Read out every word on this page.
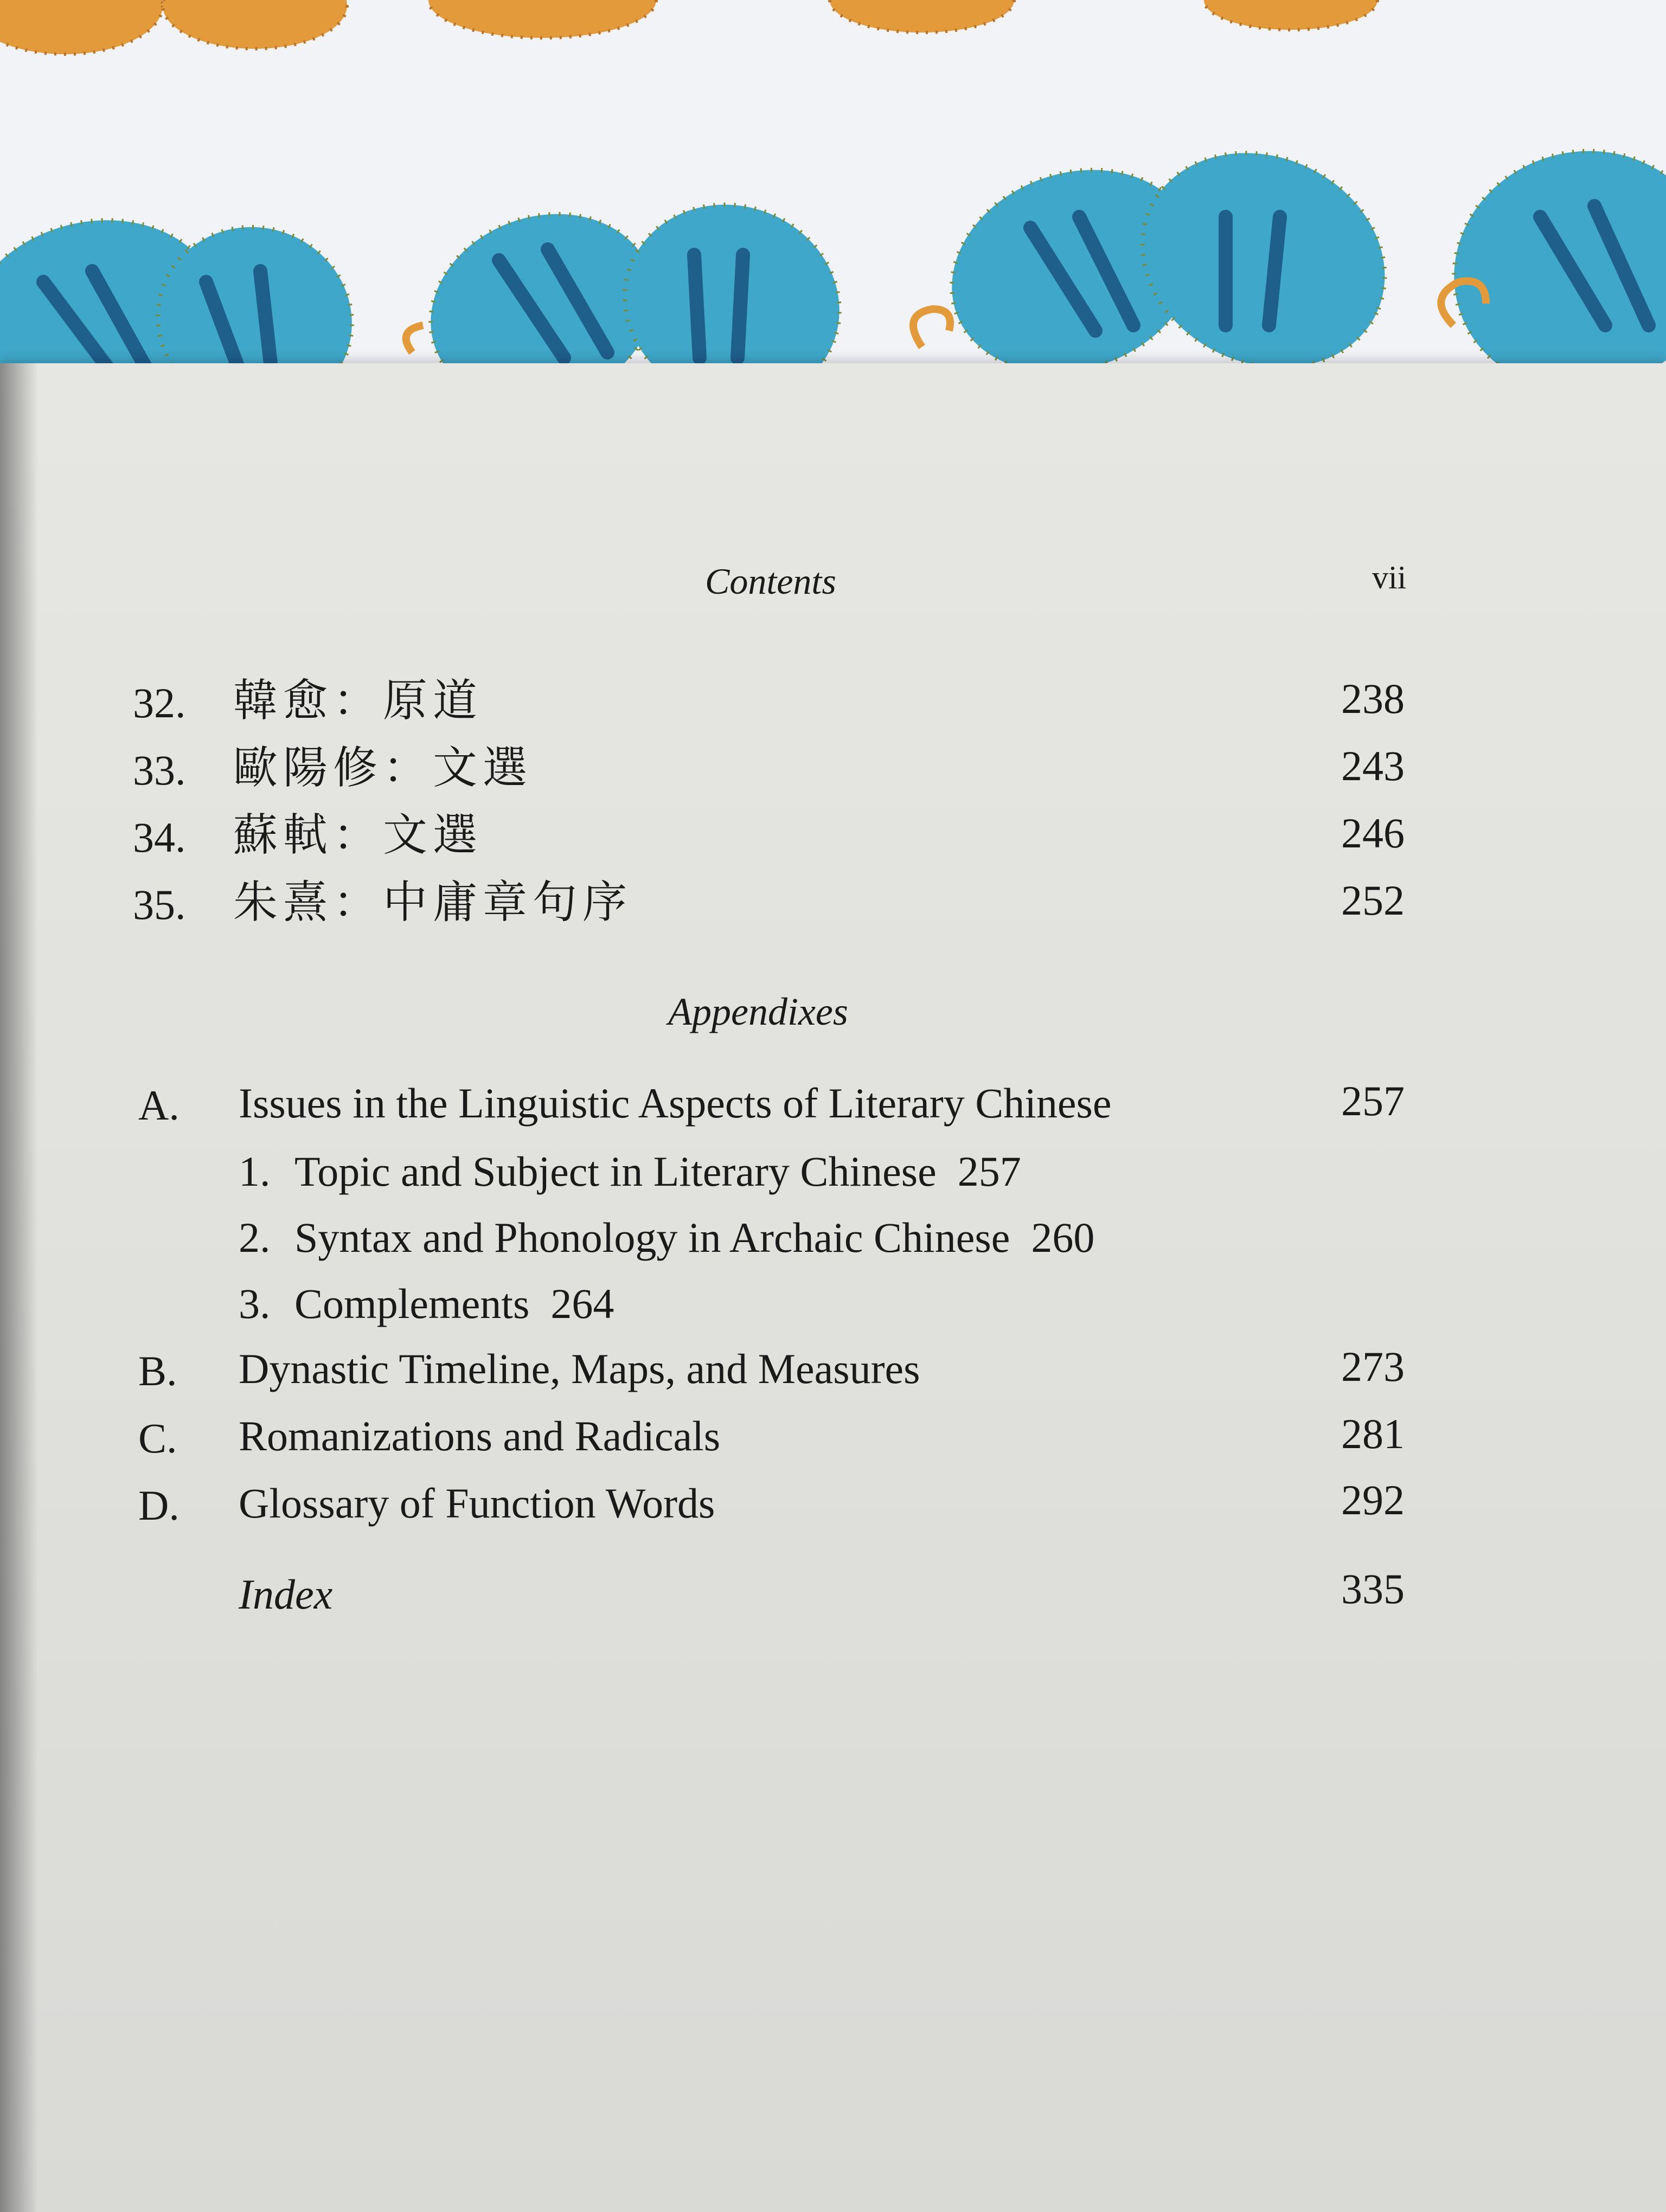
Contents	vii
32. 韓愈：原道	238
33. 歐陽修：文選	243
34. 蘇軾：文選	246
35. 朱熹：中庸章句序	252
Appendixes
A. Issues in the Linguistic Aspects of Literary Chinese	257
1. Topic and Subject in Literary Chinese 257
2. Syntax and Phonology in Archaic Chinese 260
3. Complements 264
B. Dynastic Timeline, Maps, and Measures	273
C. Romanizations and Radicals	281
D. Glossary of Function Words	292
Index	335
